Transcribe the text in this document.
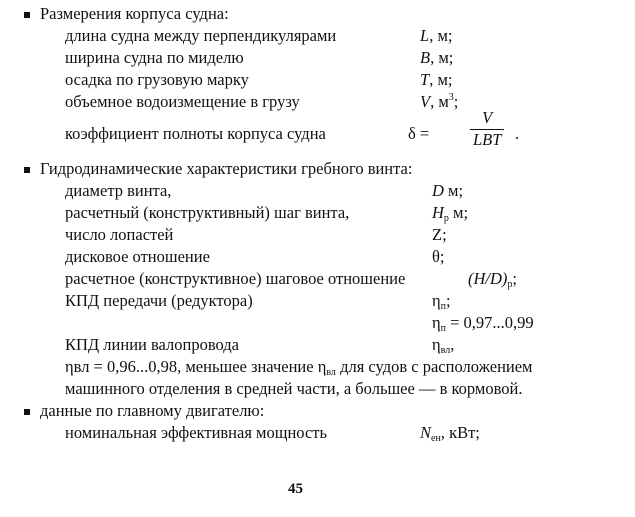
Размерения корпуса судна:
длина судна между перпендикулярами	L, м;
ширина судна по миделю	B, м;
осадка по грузовую марку	T, м;
объемное водоизмещение в грузу	V, $м^3$;
коэффициент полноты корпуса судна	δ =
V
LBT .
Гидродинамические характеристики гребного винта:
диаметр винта,	D м;
расчетный (конструктивный) шаг винта,	$H_p$ м;
число лопастей	Z;
дисковое отношение	θ;
расчетное (конструктивное) шаговое отношение	$(H/D)_p$;
КПД передачи (редуктора)	$\eta_п$;
$\eta_п = 0,97...0,99$
КПД линии валопровода	$\eta_{вл}$,
ηвл = 0,96...0,98, меньшее значение $\eta_{вл}$ для судов с расположением
машинного отделения в средней части, а большее — в кормовой.
данные по главному двигателю:
номинальная эффективная мощность	$N_{ен}$, кВт;
45
